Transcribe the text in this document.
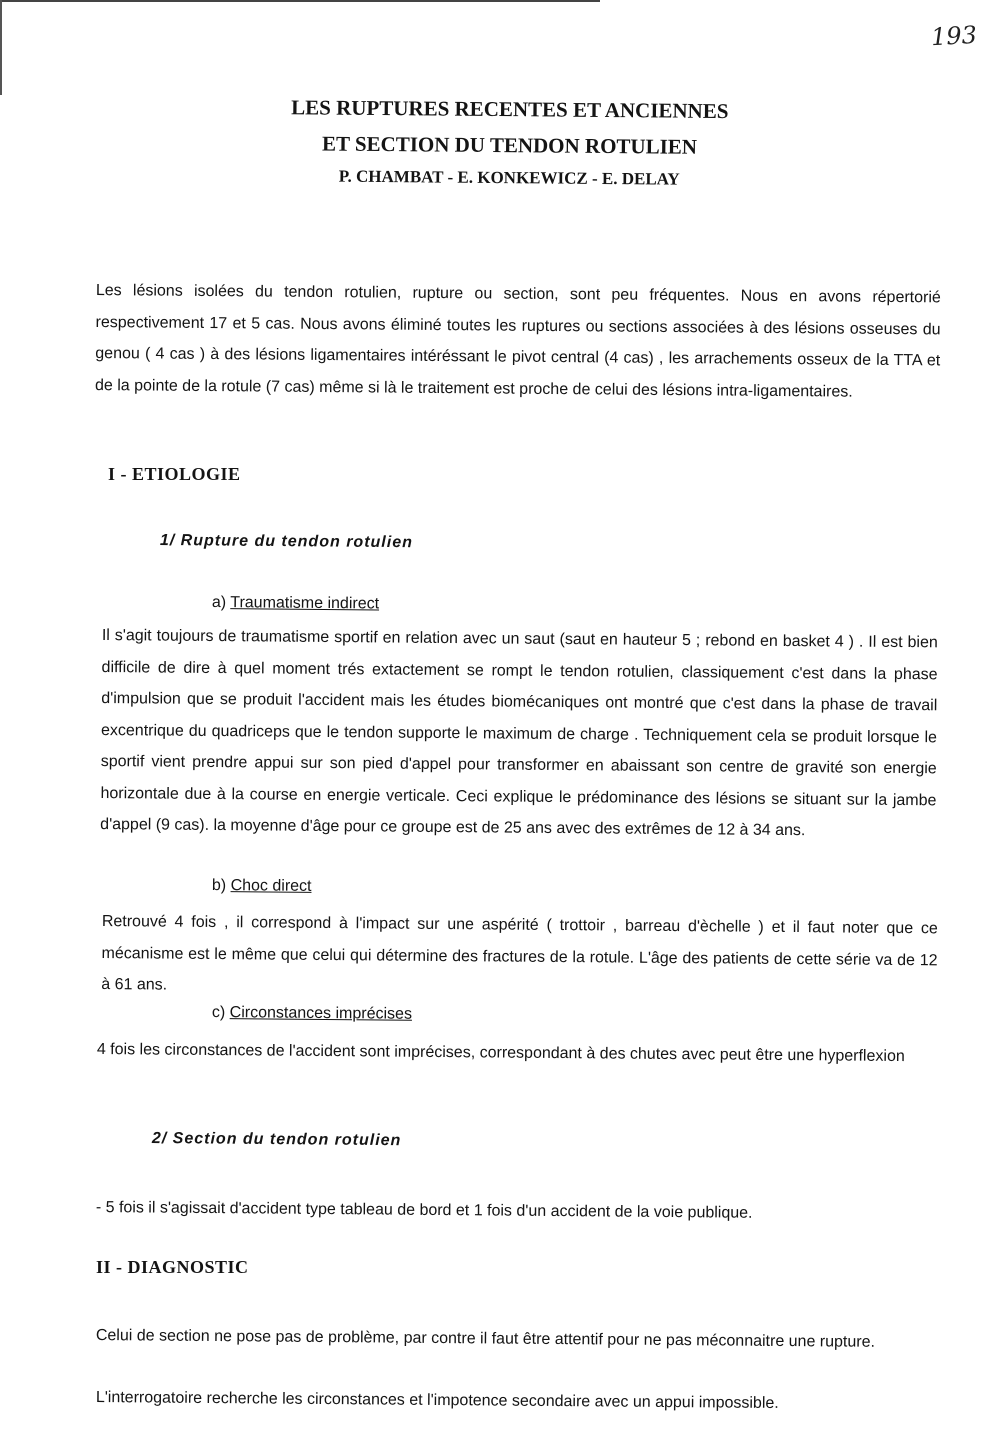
193

LES RUPTURES RECENTES ET ANCIENNES

ET SECTION DU TENDON ROTULIEN

P. CHAMBAT - E. KONKEWICZ - E. DELAY

Les lésions isolées du tendon rotulien, rupture ou section, sont peu fréquentes. Nous en avons répertorié respectivement 17 et 5 cas. Nous avons éliminé toutes les ruptures ou sections associées à des lésions osseuses du genou ( 4 cas ) à des lésions ligamentaires intéréssant le pivot central (4 cas) , les arrachements osseux de la TTA et de la pointe de la rotule (7 cas) même si là le traitement est proche de celui des lésions intra-ligamentaires.
I - ETIOLOGIE
1/ Rupture du tendon rotulien
a) Traumatisme indirect
Il s'agit toujours de traumatisme sportif en relation avec un saut (saut en hauteur 5 ; rebond en basket 4 ) . Il est bien difficile de dire à quel moment trés extactement se rompt le tendon rotulien, classiquement c'est dans la phase d'impulsion que se produit l'accident mais les études biomécaniques ont montré que c'est dans la phase de travail excentrique du quadriceps que le tendon supporte le maximum de charge . Techniquement cela se produit lorsque le sportif vient prendre appui sur son pied d'appel pour transformer en abaissant son centre de gravité son energie horizontale due à la course en energie verticale. Ceci explique le prédominance des lésions se situant sur la jambe d'appel (9 cas). la moyenne d'âge pour ce groupe est de 25 ans avec des extrêmes de 12 à 34 ans.
b) Choc direct
Retrouvé 4 fois , il correspond à l'impact sur une aspérité ( trottoir , barreau d'èchelle ) et il faut noter que ce mécanisme est le même que celui qui détermine des fractures de la rotule. L'âge des patients de cette série va de 12 à 61 ans.
c) Circonstances imprécises
4 fois les circonstances de l'accident sont imprécises, correspondant à des chutes avec peut être une hyperflexion
2/ Section du tendon rotulien
- 5 fois il s'agissait d'accident type tableau de bord et 1 fois d'un accident de la voie publique.
II - DIAGNOSTIC
Celui de section ne pose pas de problème, par contre il faut être attentif pour ne pas méconnaitre une rupture.
L'interrogatoire recherche les circonstances et l'impotence secondaire avec un appui impossible.
